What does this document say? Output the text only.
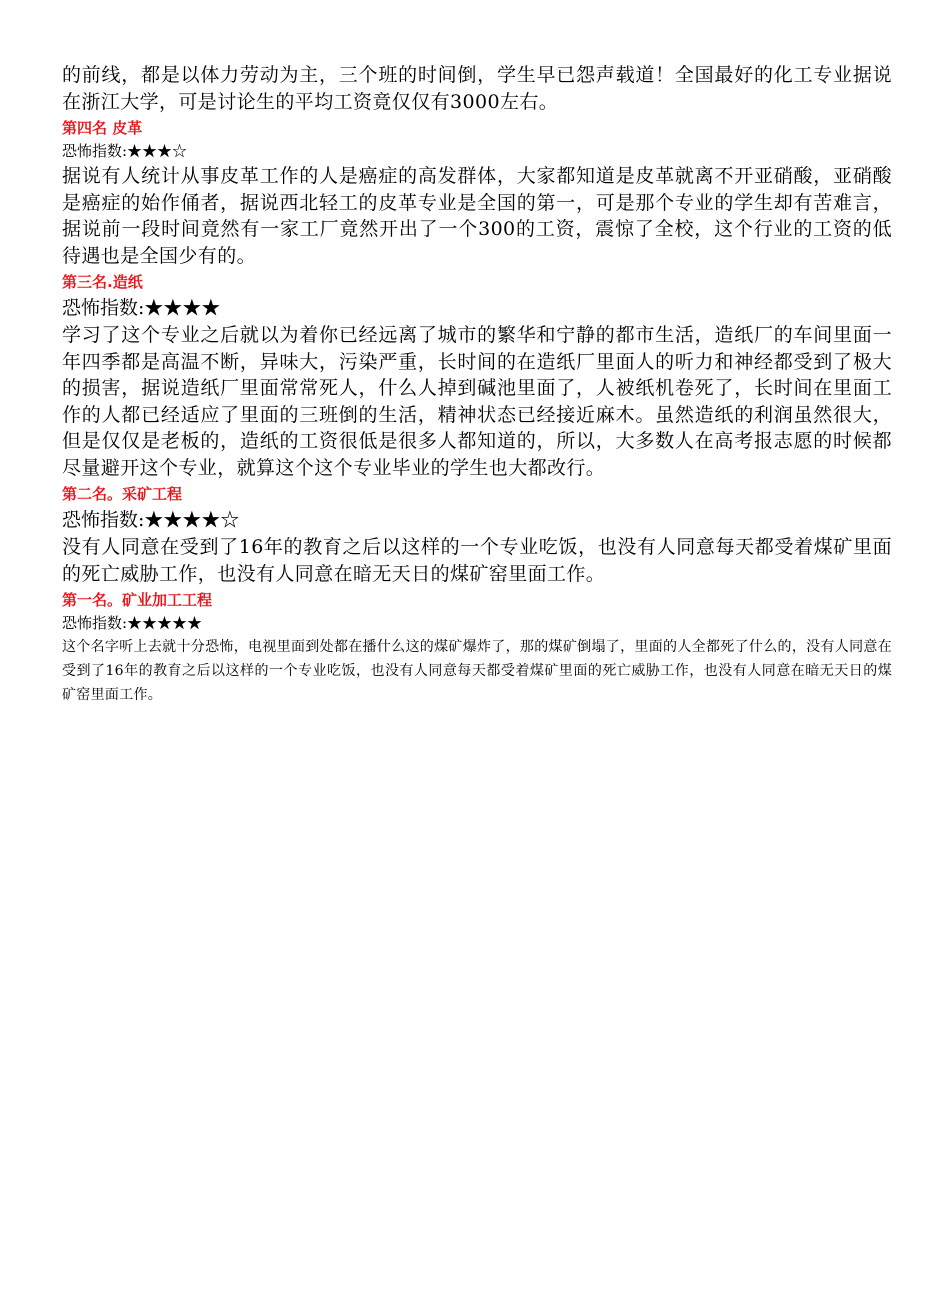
的前线，都是以体力劳动为主，三个班的时间倒，学生早已怨声载道！全国最好的化工专业据说在浙江大学，可是讨论生的平均工资竟仅仅有3000左右。

第四名 皮革

恐怖指数:★★★☆

据说有人统计从事皮革工作的人是癌症的高发群体，大家都知道是皮革就离不开亚硝酸，亚硝酸是癌症的始作俑者，据说西北轻工的皮革专业是全国的第一，可是那个专业的学生却有苦难言，据说前一段时间竟然有一家工厂竟然开出了一个300的工资，震惊了全校，这个行业的工资的低待遇也是全国少有的。

第三名.造纸

恐怖指数:★★★★

学习了这个专业之后就以为着你已经远离了城市的繁华和宁静的都市生活，造纸厂的车间里面一年四季都是高温不断，异味大，污染严重，长时间的在造纸厂里面人的听力和神经都受到了极大的损害，据说造纸厂里面常常死人，什么人掉到碱池里面了，人被纸机卷死了，长时间在里面工作的人都已经适应了里面的三班倒的生活，精神状态已经接近麻木。虽然造纸的利润虽然很大，但是仅仅是老板的，造纸的工资很低是很多人都知道的，所以，大多数人在高考报志愿的时候都尽量避开这个专业，就算这个这个专业毕业的学生也大都改行。

第二名。采矿工程

恐怖指数:★★★★☆

没有人同意在受到了16年的教育之后以这样的一个专业吃饭，也没有人同意每天都受着煤矿里面的死亡威胁工作，也没有人同意在暗无天日的煤矿窑里面工作。

第一名。矿业加工工程

恐怖指数:★★★★★

这个名字听上去就十分恐怖，电视里面到处都在播什么这的煤矿爆炸了，那的煤矿倒塌了，里面的人全都死了什么的，没有人同意在受到了16年的教育之后以这样的一个专业吃饭，也没有人同意每天都受着煤矿里面的死亡威胁工作，也没有人同意在暗无天日的煤矿窑里面工作。
